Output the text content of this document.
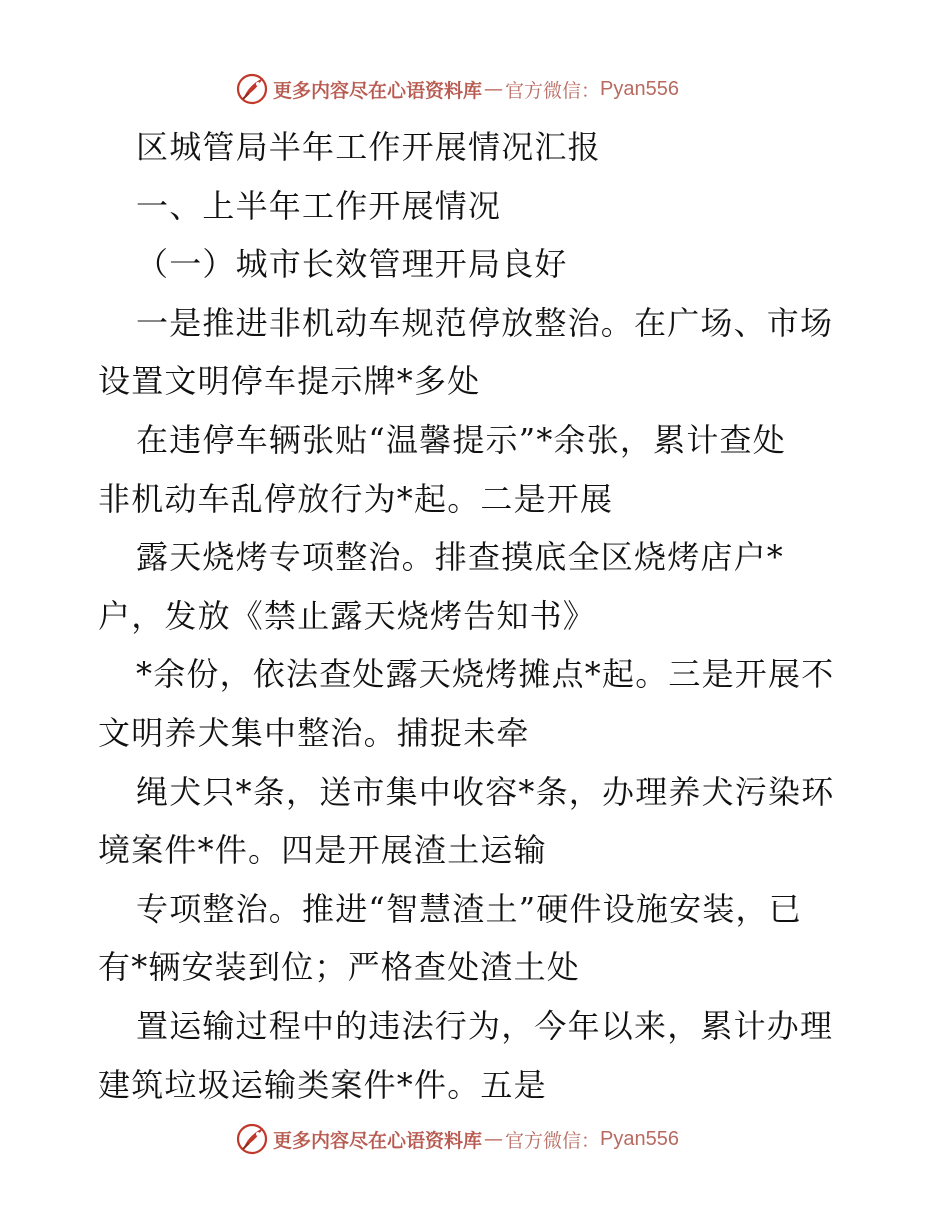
更多内容尽在心语资料库 — 官方微信： Pyan556
区城管局半年工作开展情况汇报
一、上半年工作开展情况
（一）城市长效管理开局良好
一是推进非机动车规范停放整治。在广场、市场
设置文明停车提示牌*多处
在违停车辆张贴“温馨提示”*余张，累计查处
非机动车乱停放行为*起。二是开展
露天烧烤专项整治。排查摸底全区烧烤店户*
户，发放《禁止露天烧烤告知书》
*余份，依法查处露天烧烤摊点*起。三是开展不
文明养犬集中整治。捕捉未牵
绳犬只*条，送市集中收容*条，办理养犬污染环
境案件*件。四是开展渣土运输
专项整治。推进“智慧渣土”硬件设施安装，已
有*辆安装到位；严格查处渣土处
置运输过程中的违法行为，今年以来，累计办理
建筑垃圾运输类案件*件。五是
更多内容尽在心语资料库 — 官方微信： Pyan556
